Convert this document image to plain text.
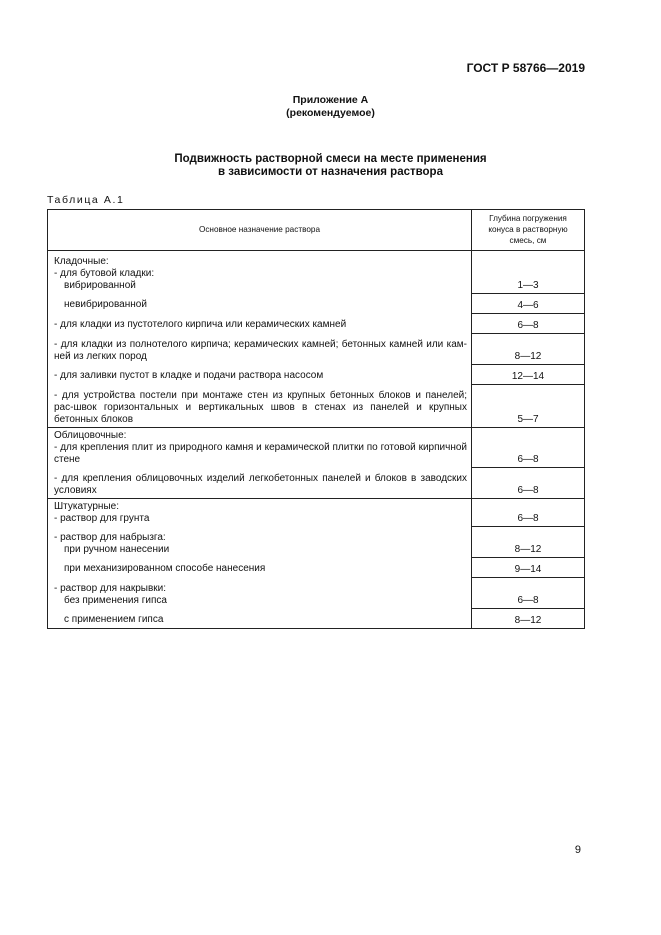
ГОСТ Р 58766—2019
Приложение А
(рекомендуемое)
Подвижность растворной смеси на месте применения
в зависимости от назначения раствора
Таблица А.1
Основное назначение раствора	Глубина погружения конуса в растворную смесь, см

Кладочные:
- для бутовой кладки:
вибрированной	1—3

невибрированной	4—6
- для кладки из пустотелого кирпича или керамических камней	6—8
- для кладки из полнотелого кирпича; керамических камней; бетонных камней или кам-ней из легких пород	8—12
- для заливки пустот в кладке и подачи раствора насосом	12—14
- для устройства постели при монтаже стен из крупных бетонных блоков и панелей; рас-швок горизонтальных и вертикальных швов в стенах из панелей и крупных бетонных блоков	5—7

Облицовочные:
- для крепления плит из природного камня и керамической плитки по готовой кирпичной стене	6—8
- для крепления облицовочных изделий легкобетонных панелей и блоков в заводских условиях	6—8

Штукатурные:
- раствор для грунта	6—8

- раствор для набрызга:
при ручном нанесении	8—12

при механизированном способе нанесения	9—14

- раствор для накрывки:
без применения гипса	6—8

с применением гипса	8—12
9
